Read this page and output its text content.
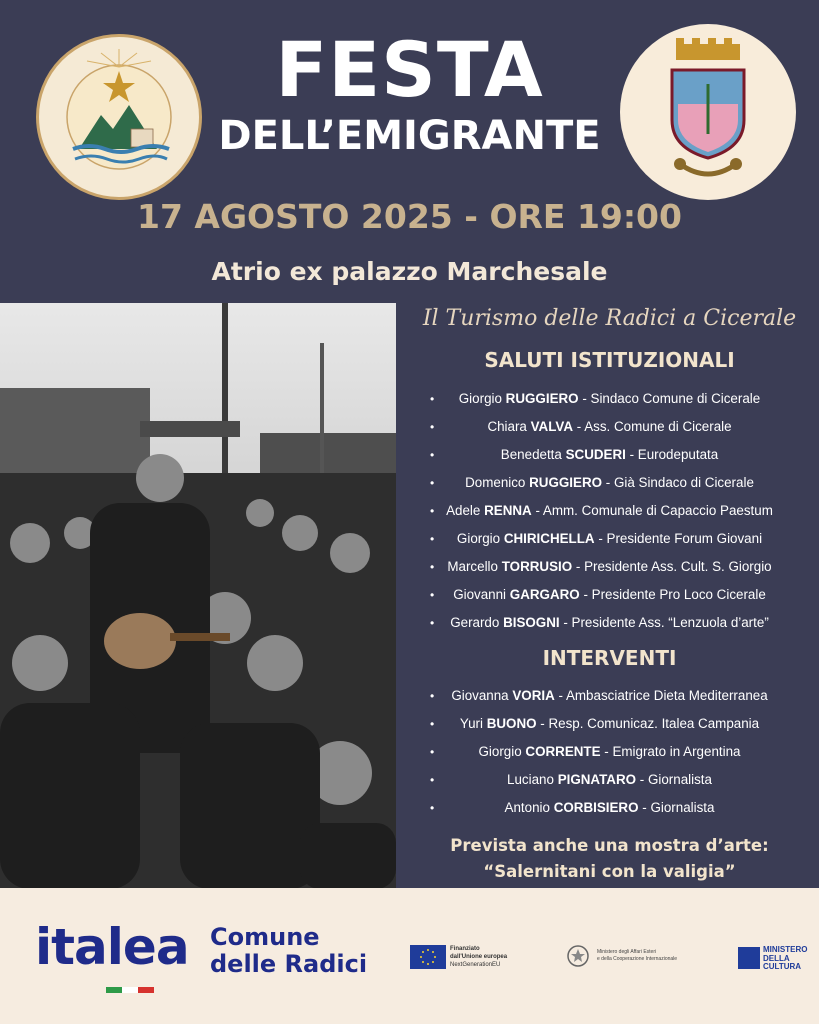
FESTA
DELL’EMIGRANTE
17 AGOSTO 2025 - ORE 19:00
Atrio ex palazzo Marchesale
Il Turismo delle Radici a Cicerale
SALUTI ISTITUZIONALI
• Giorgio RUGGIERO - Sindaco Comune di Cicerale
•	Chiara VALVA - Ass. Comune di Cicerale
•	Benedetta SCUDERI - Eurodeputata
• Domenico RUGGIERO - Già Sindaco di Cicerale
• Adele RENNA - Amm. Comunale di Capaccio Paestum
• Giorgio CHIRICHELLA - Presidente Forum Giovani
• Marcello TORRUSIO - Presidente Ass. Cult. S. Giorgio
• Giovanni GARGARO - Presidente Pro Loco Cicerale
• Gerardo BISOGNI - Presidente Ass. “Lenzuola d’arte”
INTERVENTI
• Giovanna VORIA - Ambasciatrice Dieta Mediterranea
• Yuri BUONO - Resp. Comunicaz. Italea Campania
•	Giorgio CORRENTE - Emigrato in Argentina
•	Luciano PIGNATARO - Giornalista
•	Antonio CORBISIERO - Giornalista
Prevista anche una mostra d’arte:
“Salernitani con la valigia”
italea Comune
delle Radici
Finanziato
dall'Unione europea
NextGenerationEU
Ministero degli Affari Esteri
e della Cooperazione Internazionale
MINISTERO
DELLA
CULTURA
